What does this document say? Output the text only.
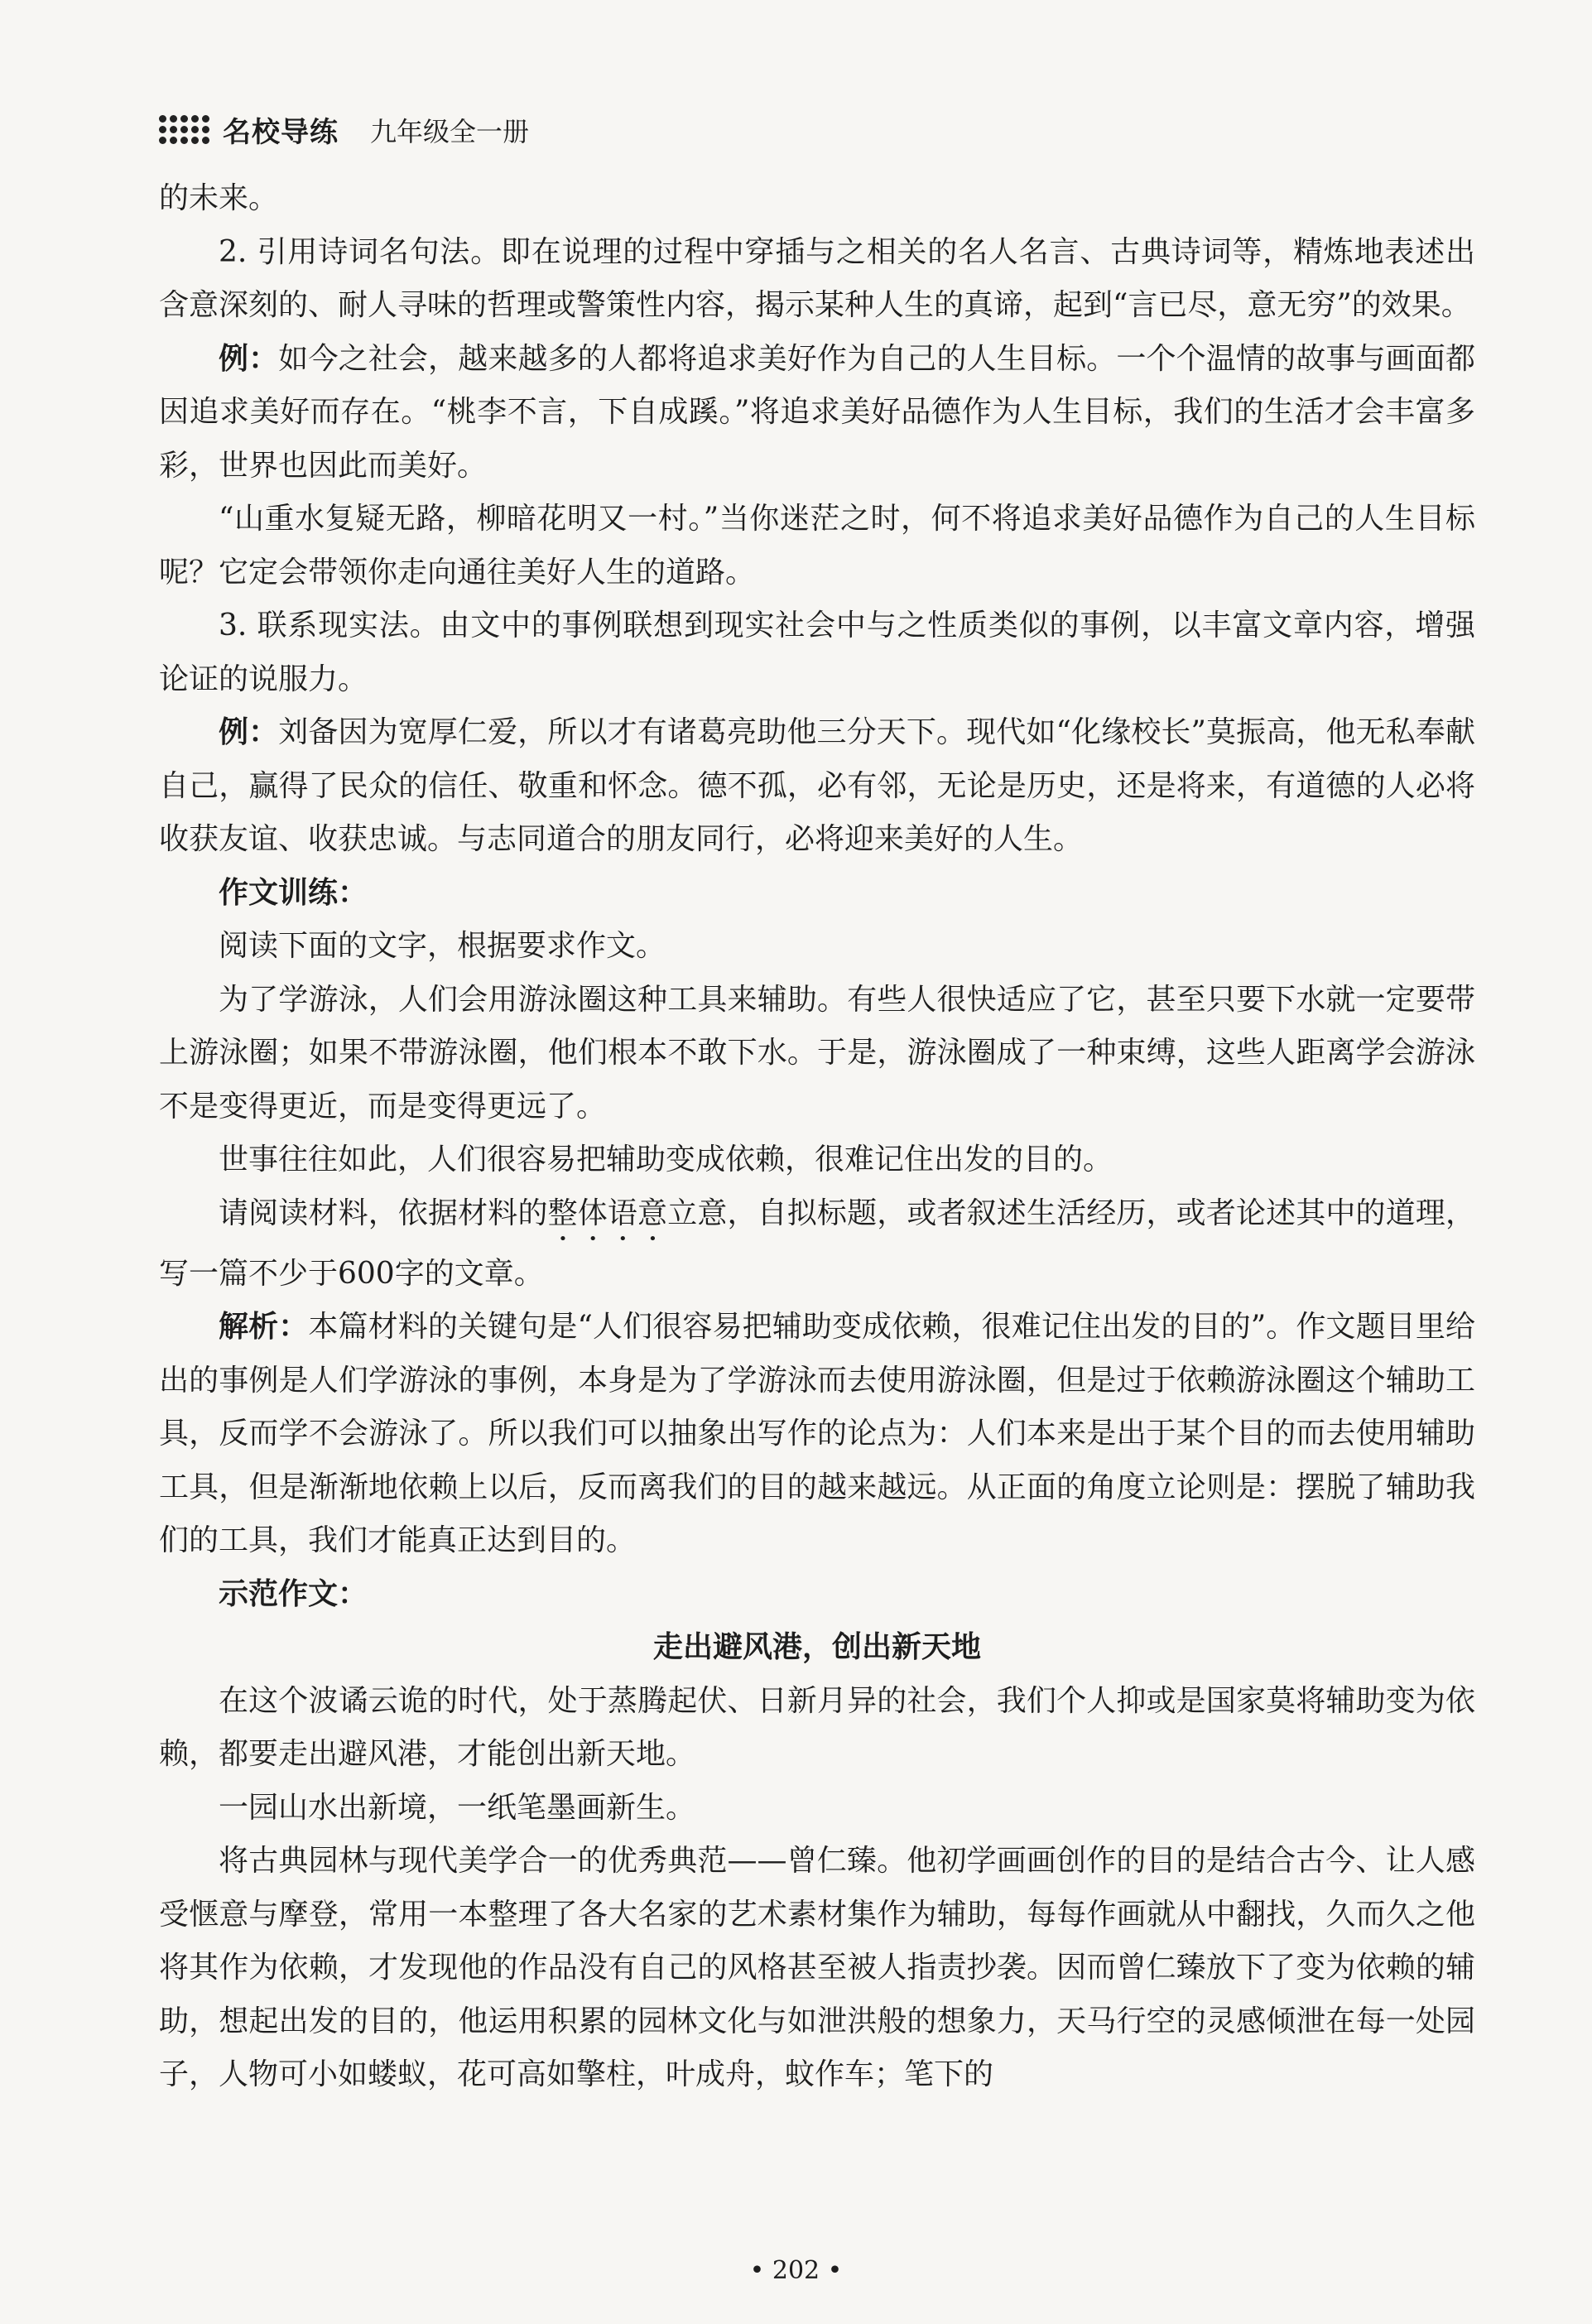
名校导练 九年级全一册

的未来。

2. 引用诗词名句法。即在说理的过程中穿插与之相关的名人名言、古典诗词等，精炼地表述出含意深刻的、耐人寻味的哲理或警策性内容，揭示某种人生的真谛，起到“言已尽，意无穷”的效果。

例：如今之社会，越来越多的人都将追求美好作为自己的人生目标。一个个温情的故事与画面都因追求美好而存在。“桃李不言，下自成蹊。”将追求美好品德作为人生目标，我们的生活才会丰富多彩，世界也因此而美好。

“山重水复疑无路，柳暗花明又一村。”当你迷茫之时，何不将追求美好品德作为自己的人生目标呢？它定会带领你走向通往美好人生的道路。

3. 联系现实法。由文中的事例联想到现实社会中与之性质类似的事例，以丰富文章内容，增强论证的说服力。

例：刘备因为宽厚仁爱，所以才有诸葛亮助他三分天下。现代如“化缘校长”莫振高，他无私奉献自己，赢得了民众的信任、敬重和怀念。德不孤，必有邻，无论是历史，还是将来，有道德的人必将收获友谊、收获忠诚。与志同道合的朋友同行，必将迎来美好的人生。

作文训练：

阅读下面的文字，根据要求作文。

为了学游泳，人们会用游泳圈这种工具来辅助。有些人很快适应了它，甚至只要下水就一定要带上游泳圈；如果不带游泳圈，他们根本不敢下水。于是，游泳圈成了一种束缚，这些人距离学会游泳不是变得更近，而是变得更远了。

世事往往如此，人们很容易把辅助变成依赖，很难记住出发的目的。

请阅读材料，依据材料的整体语意立意，自拟标题，或者叙述生活经历，或者论述其中的道理，写一篇不少于600字的文章。

解析：本篇材料的关键句是“人们很容易把辅助变成依赖，很难记住出发的目的”。作文题目里给出的事例是人们学游泳的事例，本身是为了学游泳而去使用游泳圈，但是过于依赖游泳圈这个辅助工具，反而学不会游泳了。所以我们可以抽象出写作的论点为：人们本来是出于某个目的而去使用辅助工具，但是渐渐地依赖上以后，反而离我们的目的越来越远。从正面的角度立论则是：摆脱了辅助我们的工具，我们才能真正达到目的。

示范作文：

走出避风港，创出新天地

在这个波谲云诡的时代，处于蒸腾起伏、日新月异的社会，我们个人抑或是国家莫将辅助变为依赖，都要走出避风港，才能创出新天地。

一园山水出新境，一纸笔墨画新生。

将古典园林与现代美学合一的优秀典范——曾仁臻。他初学画画创作的目的是结合古今、让人感受惬意与摩登，常用一本整理了各大名家的艺术素材集作为辅助，每每作画就从中翻找，久而久之他将其作为依赖，才发现他的作品没有自己的风格甚至被人指责抄袭。因而曾仁臻放下了变为依赖的辅助，想起出发的目的，他运用积累的园林文化与如泄洪般的想象力，天马行空的灵感倾泄在每一处园子，人物可小如蝼蚁，花可高如擎柱，叶成舟，蚊作车；笔下的

• 202 •
